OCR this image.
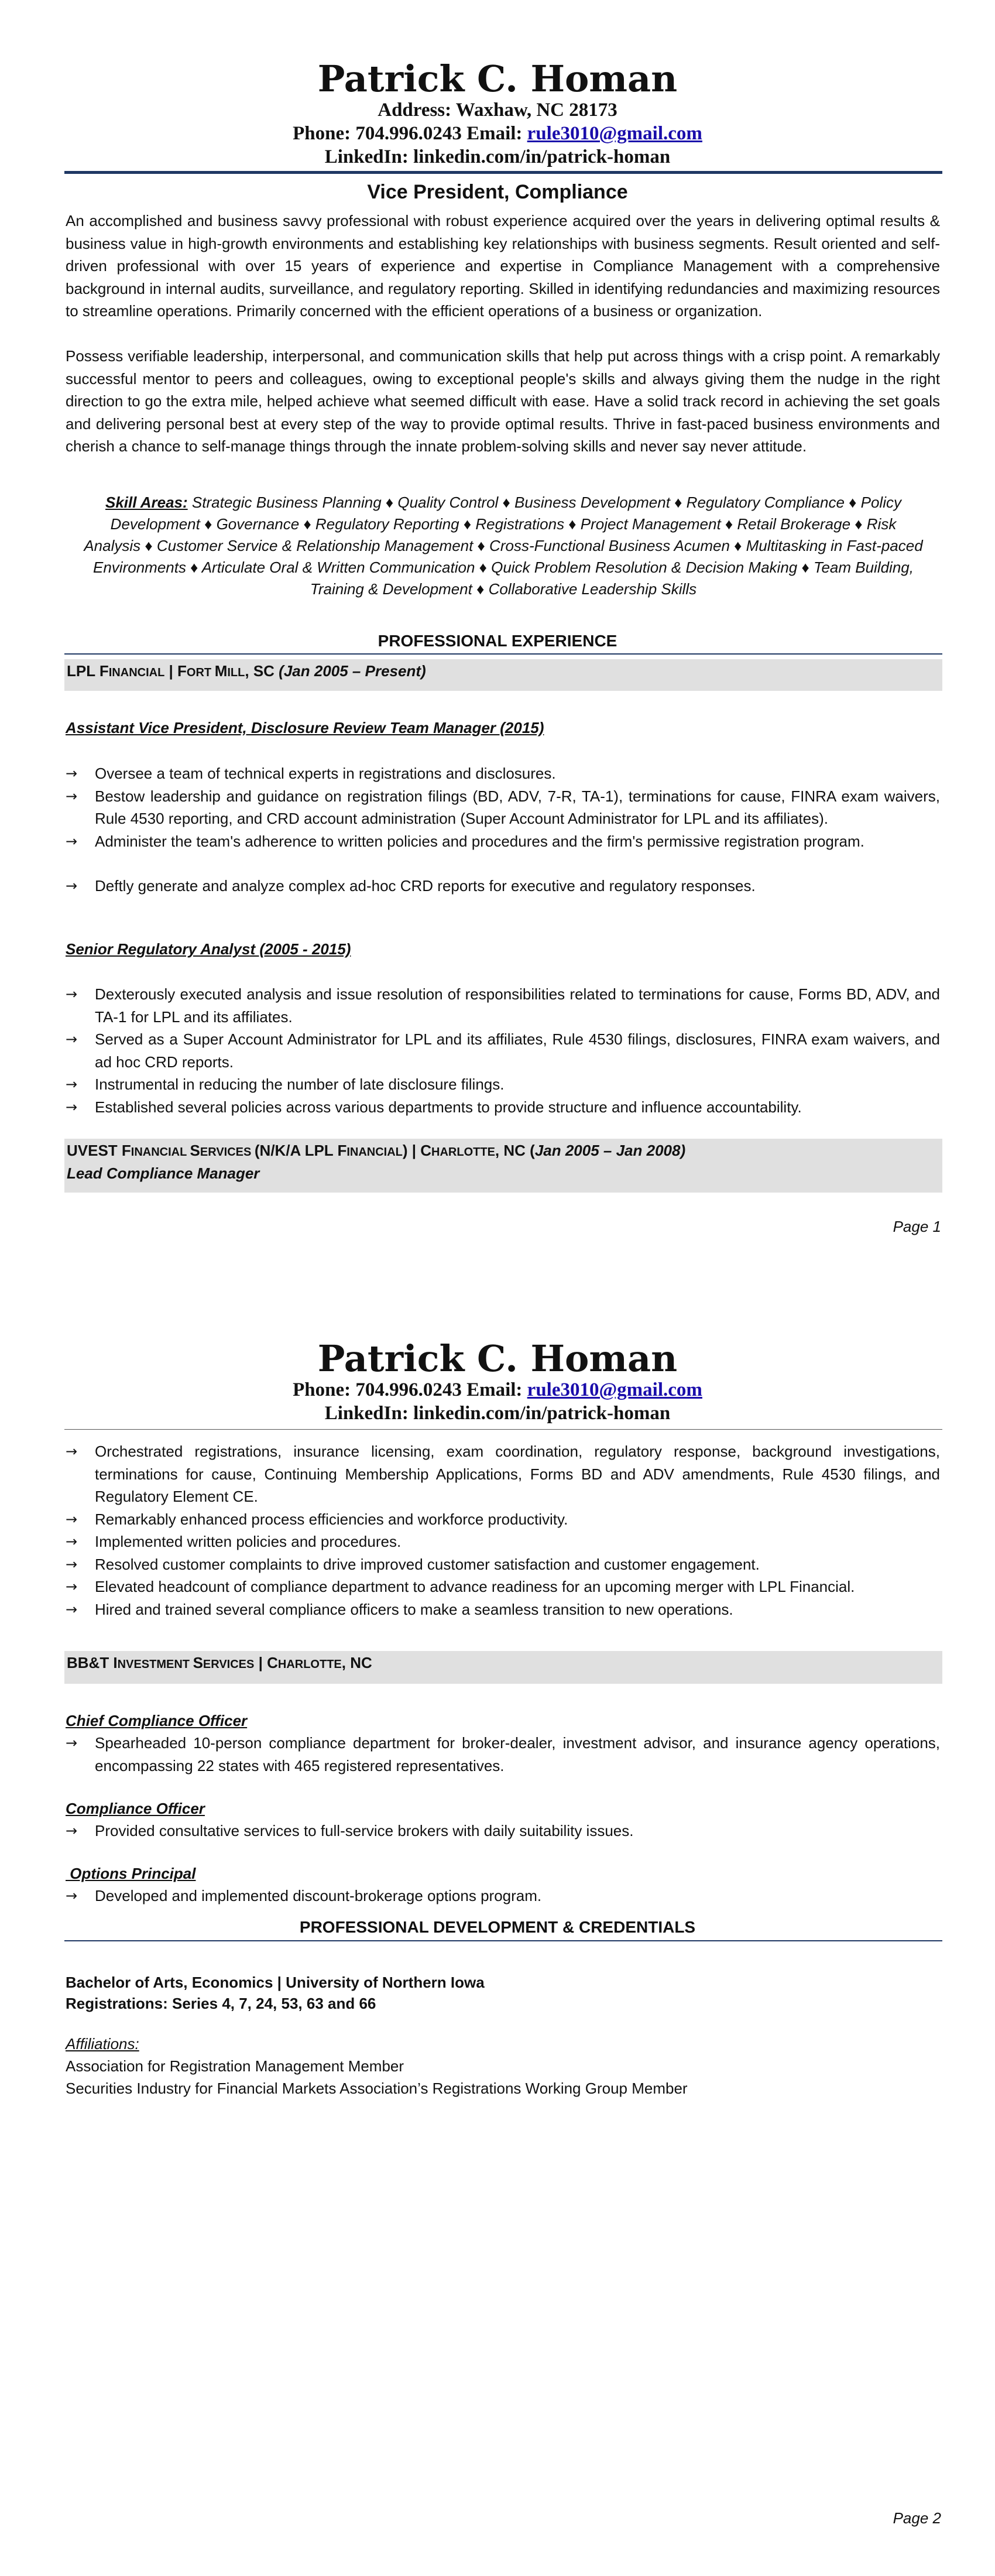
Patrick C. Homan
Address: Waxhaw, NC 28173
Phone: 704.996.0243 Email: rule3010@gmail.com
LinkedIn: linkedin.com/in/patrick-homan
Vice President, Compliance

An accomplished and business savvy professional with robust experience acquired over the years in delivering optimal results & business value in high-growth environments and establishing key relationships with business segments. Result oriented and self-driven professional with over 15 years of experience and expertise in Compliance Management with a comprehensive background in internal audits, surveillance, and regulatory reporting. Skilled in identifying redundancies and maximizing resources to streamline operations. Primarily concerned with the efficient operations of a business or organization.

Possess verifiable leadership, interpersonal, and communication skills that help put across things with a crisp point. A remarkably successful mentor to peers and colleagues, owing to exceptional people's skills and always giving them the nudge in the right direction to go the extra mile, helped achieve what seemed difficult with ease. Have a solid track record in achieving the set goals and delivering personal best at every step of the way to provide optimal results. Thrive in fast-paced business environments and cherish a chance to self-manage things through the innate problem-solving skills and never say never attitude.

Skill Areas: Strategic Business Planning ♦ Quality Control ♦ Business Development ♦ Regulatory Compliance ♦ Policy Development ♦ Governance ♦ Regulatory Reporting ♦ Registrations ♦ Project Management ♦ Retail Brokerage ♦ Risk Analysis ♦ Customer Service & Relationship Management ♦ Cross-Functional Business Acumen ♦ Multitasking in Fast-paced Environments ♦ Articulate Oral & Written Communication ♦ Quick Problem Resolution & Decision Making ♦ Team Building, Training & Development ♦ Collaborative Leadership Skills

PROFESSIONAL EXPERIENCE
LPL FINANCIAL | FORT MILL, SC (Jan 2005 – Present)
Assistant Vice President, Disclosure Review Team Manager (2015)
→ Oversee a team of technical experts in registrations and disclosures.
→ Bestow leadership and guidance on registration filings (BD, ADV, 7-R, TA-1), terminations for cause, FINRA exam waivers, Rule 4530 reporting, and CRD account administration (Super Account Administrator for LPL and its affiliates).
→ Administer the team's adherence to written policies and procedures and the firm's permissive registration program.
→ Deftly generate and analyze complex ad-hoc CRD reports for executive and regulatory responses.
Senior Regulatory Analyst (2005 - 2015)
→ Dexterously executed analysis and issue resolution of responsibilities related to terminations for cause, Forms BD, ADV, and TA-1 for LPL and its affiliates.
→ Served as a Super Account Administrator for LPL and its affiliates, Rule 4530 filings, disclosures, FINRA exam waivers, and ad hoc CRD reports.
→ Instrumental in reducing the number of late disclosure filings.
→ Established several policies across various departments to provide structure and influence accountability.
UVEST FINANCIAL SERVICES (N/K/A LPL FINANCIAL) | CHARLOTTE, NC (Jan 2005 – Jan 2008)
Lead Compliance Manager
Page 1
Patrick C. Homan
Phone: 704.996.0243 Email: rule3010@gmail.com
LinkedIn: linkedin.com/in/patrick-homan
→ Orchestrated registrations, insurance licensing, exam coordination, regulatory response, background investigations, terminations for cause, Continuing Membership Applications, Forms BD and ADV amendments, Rule 4530 filings, and Regulatory Element CE.
→ Remarkably enhanced process efficiencies and workforce productivity.
→ Implemented written policies and procedures.
→ Resolved customer complaints to drive improved customer satisfaction and customer engagement.
→ Elevated headcount of compliance department to advance readiness for an upcoming merger with LPL Financial.
→ Hired and trained several compliance officers to make a seamless transition to new operations.
BB&T INVESTMENT SERVICES | CHARLOTTE, NC
Chief Compliance Officer
→ Spearheaded 10-person compliance department for broker-dealer, investment advisor, and insurance agency operations, encompassing 22 states with 465 registered representatives.
Compliance Officer
→ Provided consultative services to full-service brokers with daily suitability issues.
Options Principal
→ Developed and implemented discount-brokerage options program.
PROFESSIONAL DEVELOPMENT & CREDENTIALS
Bachelor of Arts, Economics | University of Northern Iowa
Registrations: Series 4, 7, 24, 53, 63 and 66
Affiliations:
Association for Registration Management Member
Securities Industry for Financial Markets Association’s Registrations Working Group Member
Page 2
